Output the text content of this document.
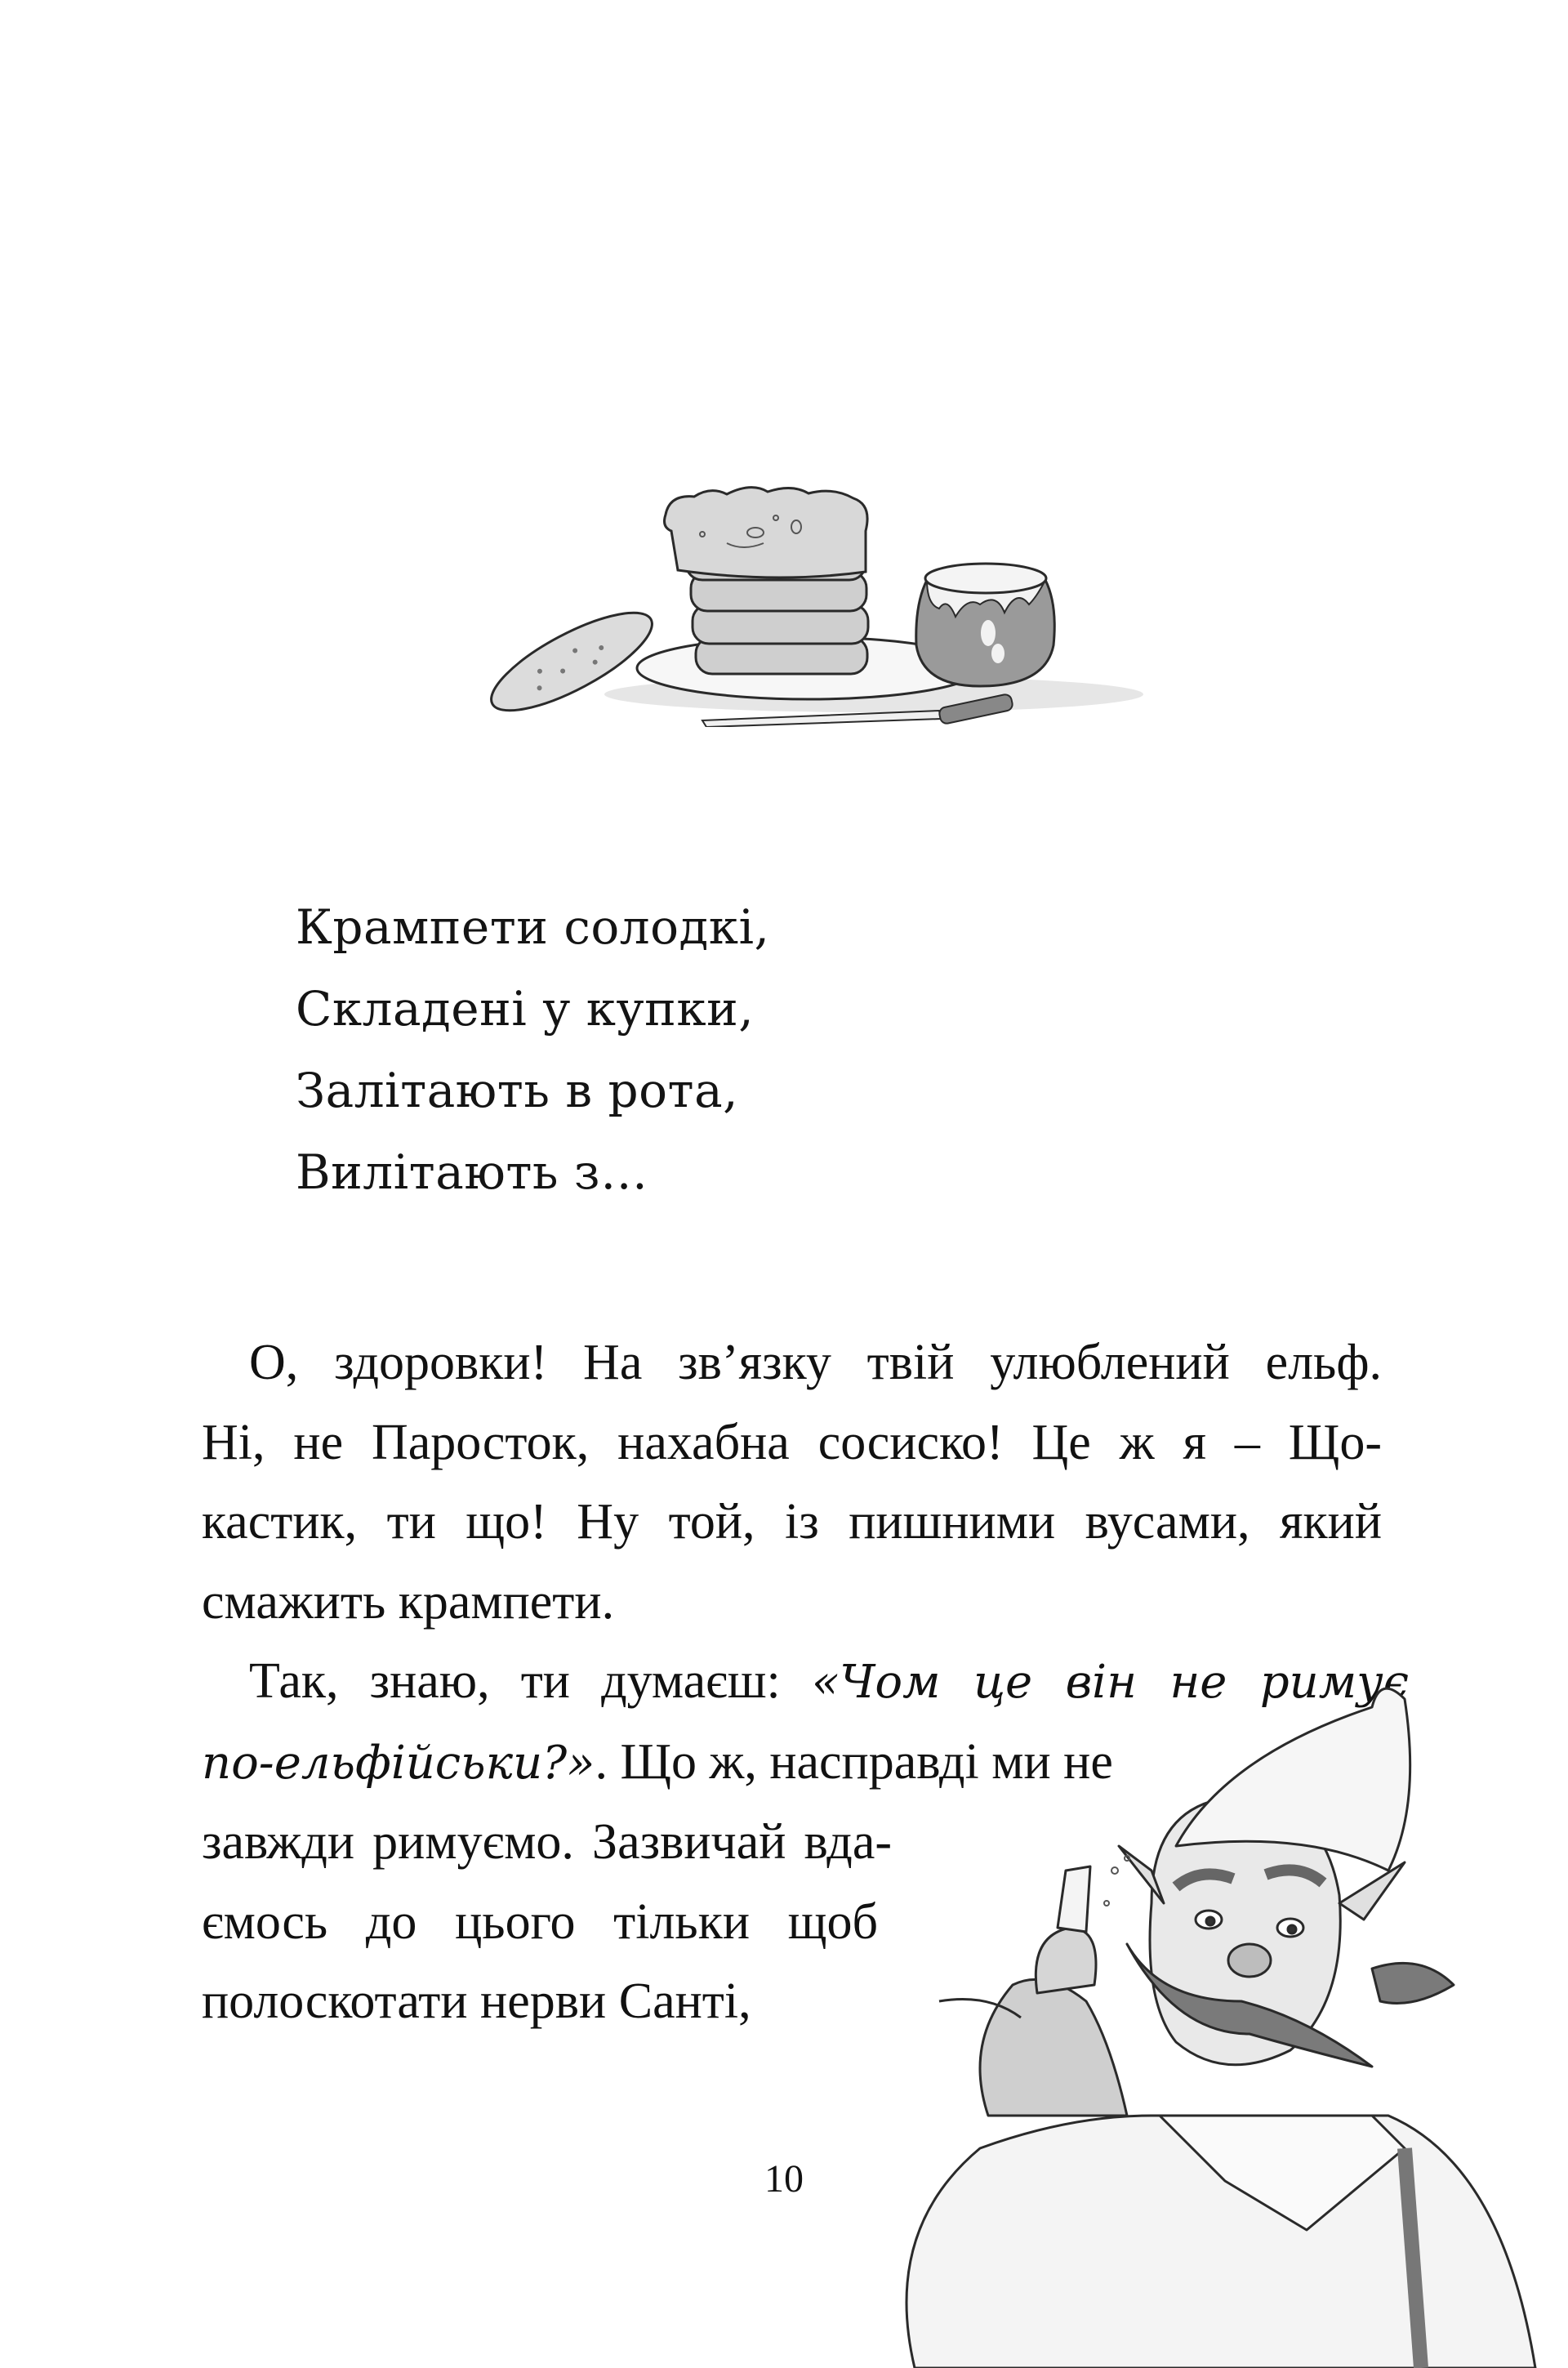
Крампети солодкі,
Складені у купки,
Залітають в рота,
Вилітають з…
О, здоровки! На зв’язку твій улюблений ельф.
Ні, не Паросток, нахабна сосиско! Це ж я – Що-
кастик, ти що! Ну той, із пишними вусами, який
смажить крампети.
Так, знаю, ти думаєш: «Чом це він не римує
по-ельфійськи?». Що ж, насправді ми не
завжди римуємо. Зазвичай вда-
ємось до цього тільки щоб
полоскотати нерви Санті,
10
